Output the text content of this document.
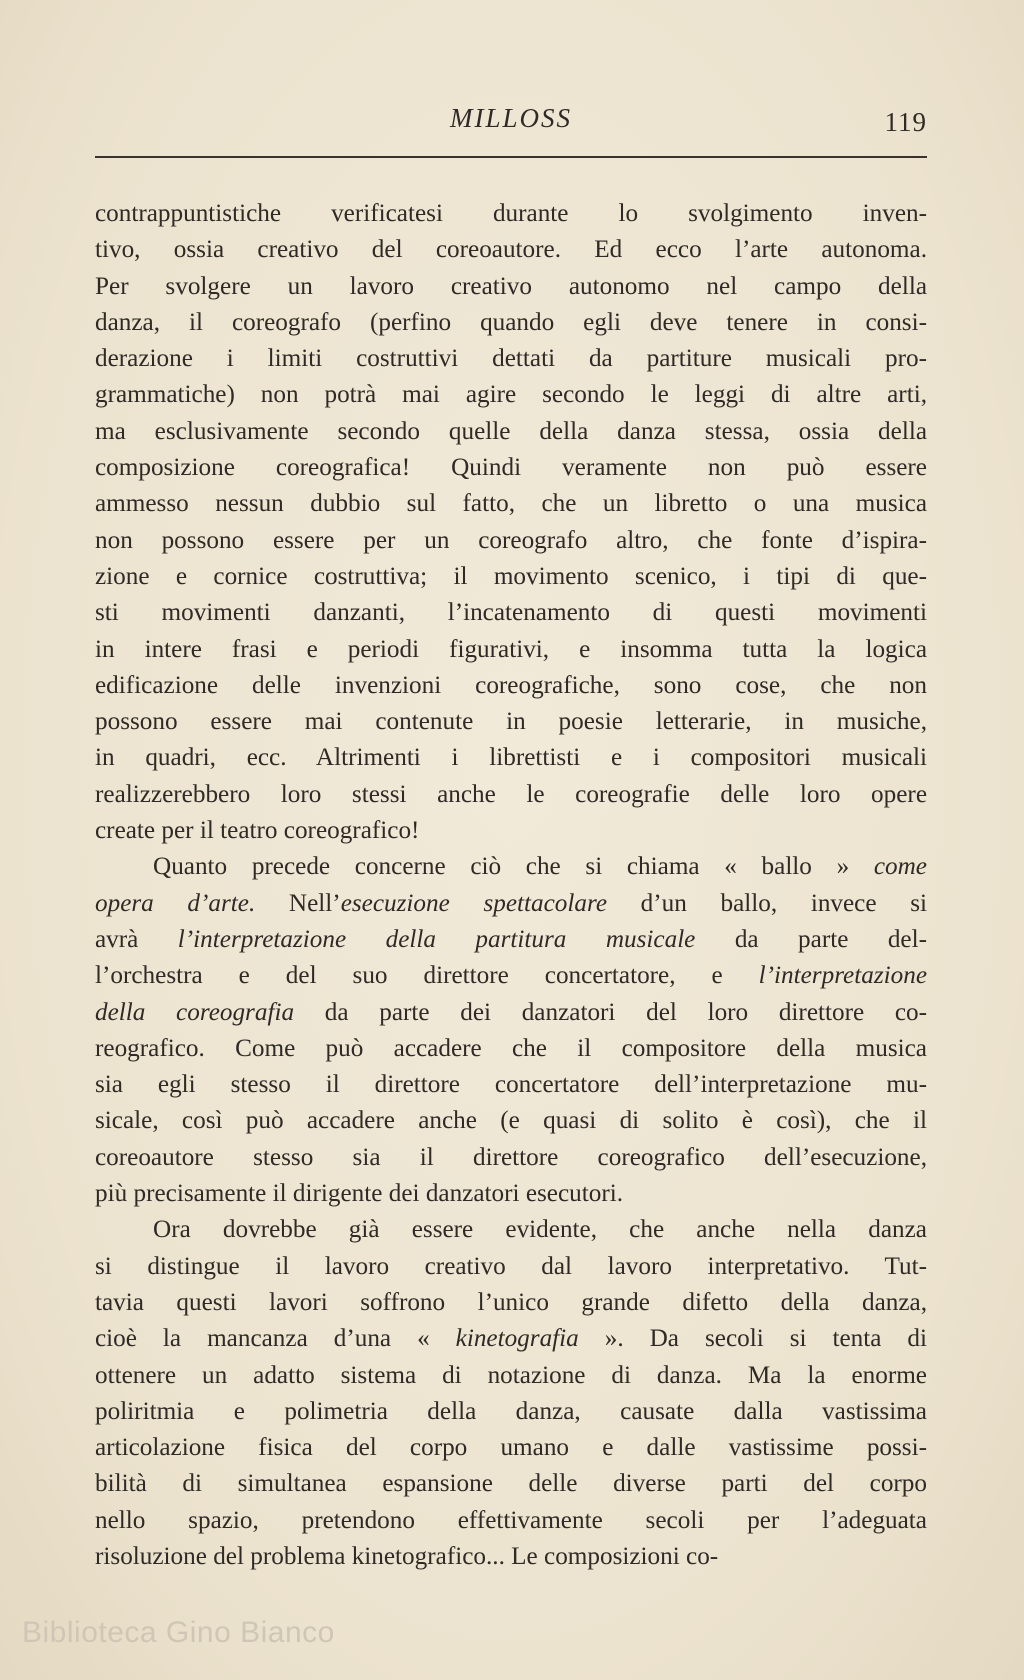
MILLOSS	119
contrappuntistiche verificatesi durante lo svolgimento inven-
tivo, ossia creativo del coreoautore. Ed ecco l’arte autonoma.
Per svolgere un lavoro creativo autonomo nel campo della
danza, il coreografo (perfino quando egli deve tenere in consi-
derazione i limiti costruttivi dettati da partiture musicali pro-
grammatiche) non potrà mai agire secondo le leggi di altre arti,
ma esclusivamente secondo quelle della danza stessa, ossia della
composizione coreografica! Quindi veramente non può essere
ammesso nessun dubbio sul fatto, che un libretto o una musica
non possono essere per un coreografo altro, che fonte d’ispira-
zione e cornice costruttiva; il movimento scenico, i tipi di que-
sti movimenti danzanti, l’incatenamento di questi movimenti
in intere frasi e periodi figurativi, e insomma tutta la logica
edificazione delle invenzioni coreografiche, sono cose, che non
possono essere mai contenute in poesie letterarie, in musiche,
in quadri, ecc. Altrimenti i librettisti e i compositori musicali
realizzerebbero loro stessi anche le coreografie delle loro opere
create per il teatro coreografico!
Quanto precede concerne ciò che si chiama « ballo » come
opera d’arte. Nell’esecuzione spettacolare d’un ballo, invece si
avrà l’interpretazione della partitura musicale da parte del-
l’orchestra e del suo direttore concertatore, e l’interpretazione
della coreografia da parte dei danzatori del loro direttore co-
reografico. Come può accadere che il compositore della musica
sia egli stesso il direttore concertatore dell’interpretazione mu-
sicale, così può accadere anche (e quasi di solito è così), che il
coreoautore stesso sia il direttore coreografico dell’esecuzione,
più precisamente il dirigente dei danzatori esecutori.
Ora dovrebbe già essere evidente, che anche nella danza
si distingue il lavoro creativo dal lavoro interpretativo. Tut-
tavia questi lavori soffrono l’unico grande difetto della danza,
cioè la mancanza d’una « kinetografia ». Da secoli si tenta di
ottenere un adatto sistema di notazione di danza. Ma la enorme
poliritmia e polimetria della danza, causate dalla vastissima
articolazione fisica del corpo umano e dalle vastissime possi-
bilità di simultanea espansione delle diverse parti del corpo
nello spazio, pretendono effettivamente secoli per l’adeguata
risoluzione del problema kinetografico... Le composizioni co-
Biblioteca Gino Bianco
